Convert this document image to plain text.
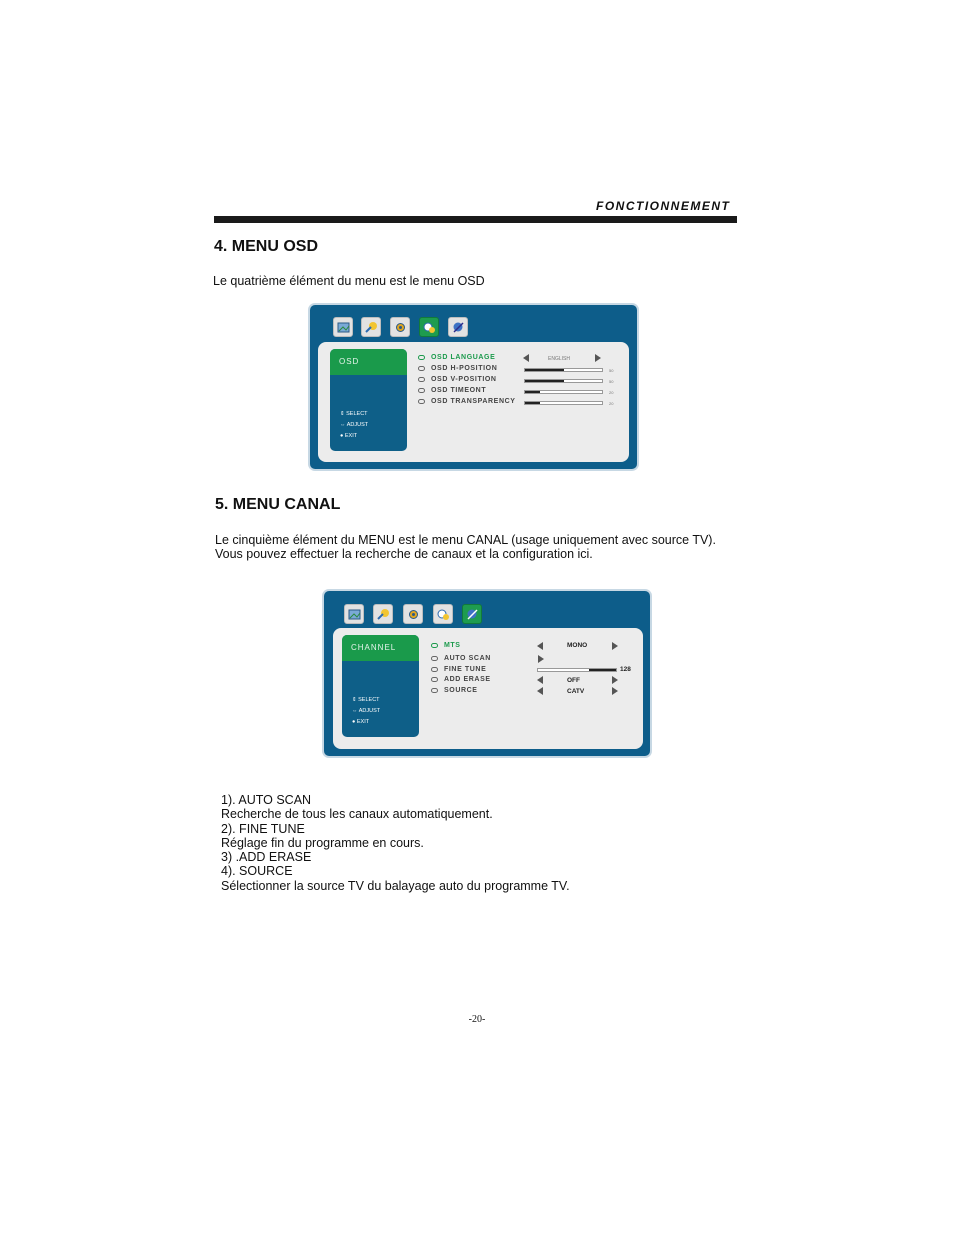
FONCTIONNEMENT
4. MENU OSD
Le quatrième élément du menu est le menu OSD
OSD
⇕ SELECT
⇔ ADJUST
● EXIT
OSD LANGUAGE
OSD H-POSITION
OSD V-POSITION
OSD TIMEONT
OSD TRANSPARENCY
ENGLISH
50
50
20
20
5. MENU CANAL
Le cinquième élément du MENU est le menu CANAL (usage uniquement avec source TV).
Vous pouvez effectuer la recherche de canaux et la configuration ici.
CHANNEL
⇕ SELECT
⇔ ADJUST
● EXIT
MTS
AUTO SCAN
FINE TUNE
ADD ERASE
SOURCE
MONO
128
OFF
CATV
1). AUTO SCAN
Recherche de tous les canaux automatiquement.
2). FINE TUNE
Réglage fin du programme en cours.
3) .ADD ERASE
4). SOURCE
Sélectionner la source TV du balayage auto du programme TV.
-20-
